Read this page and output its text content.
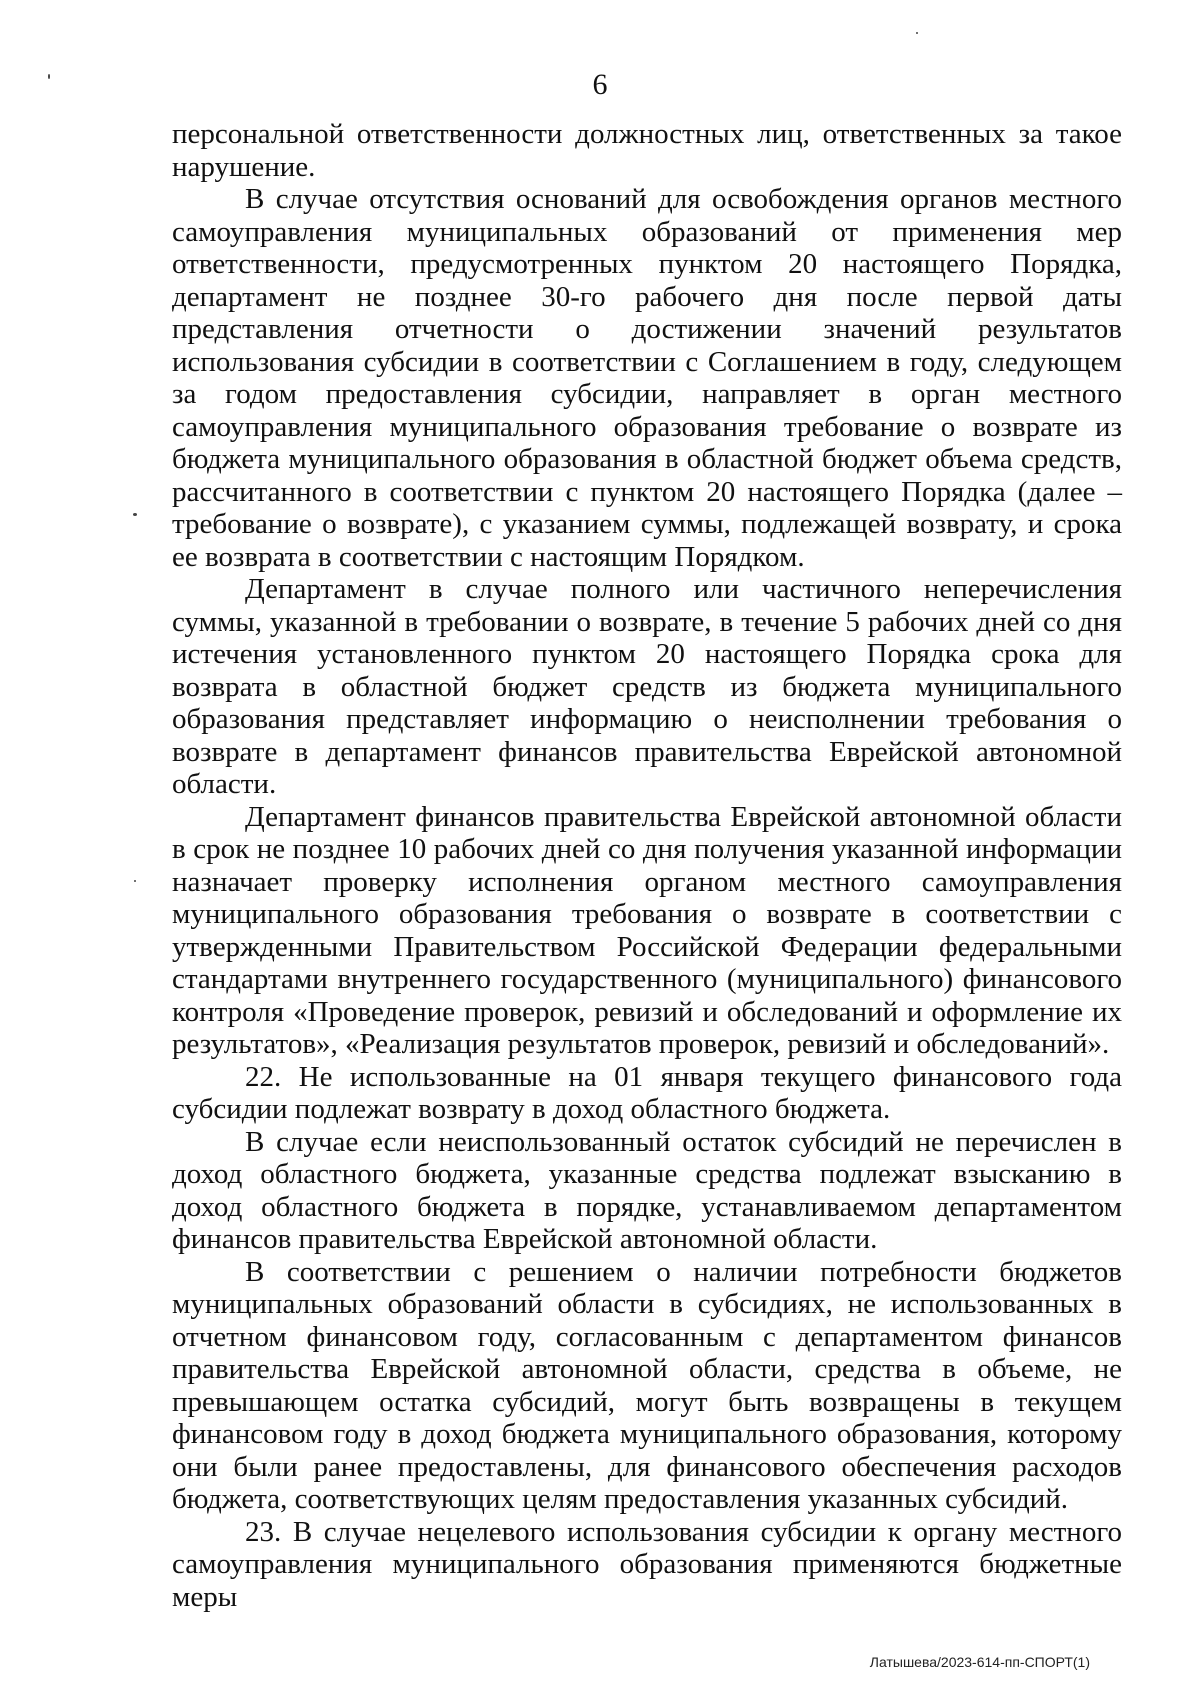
6

персональной ответственности должностных лиц, ответственных за такое нарушение.

В случае отсутствия оснований для освобождения органов местного самоуправления муниципальных образований от применения мер ответственности, предусмотренных пунктом 20 настоящего Порядка, департамент не позднее 30-го рабочего дня после первой даты представления отчетности о достижении значений результатов использования субсидии в соответствии с Соглашением в году, следующем за годом предоставления субсидии, направляет в орган местного самоуправления муниципального образования требование о возврате из бюджета муниципального образования в областной бюджет объема средств, рассчитанного в соответствии с пунктом 20 настоящего Порядка (далее – требование о возврате), с указанием суммы, подлежащей возврату, и срока ее возврата в соответствии с настоящим Порядком.

Департамент в случае полного или частичного неперечисления суммы, указанной в требовании о возврате, в течение 5 рабочих дней со дня истечения установленного пунктом 20 настоящего Порядка срока для возврата в областной бюджет средств из бюджета муниципального образования представляет информацию о неисполнении требования о возврате в департамент финансов правительства Еврейской автономной области.

Департамент финансов правительства Еврейской автономной области в срок не позднее 10 рабочих дней со дня получения указанной информации назначает проверку исполнения органом местного самоуправления муниципального образования требования о возврате в соответствии с утвержденными Правительством Российской Федерации федеральными стандартами внутреннего государственного (муниципального) финансового контроля «Проведение проверок, ревизий и обследований и оформление их результатов», «Реализация результатов проверок, ревизий и обследований».

22. Не использованные на 01 января текущего финансового года субсидии подлежат возврату в доход областного бюджета.

В случае если неиспользованный остаток субсидий не перечислен в доход областного бюджета, указанные средства подлежат взысканию в доход областного бюджета в порядке, устанавливаемом департаментом финансов правительства Еврейской автономной области.

В соответствии с решением о наличии потребности бюджетов муниципальных образований области в субсидиях, не использованных в отчетном финансовом году, согласованным с департаментом финансов правительства Еврейской автономной области, средства в объеме, не превышающем остатка субсидий, могут быть возвращены в текущем финансовом году в доход бюджета муниципального образования, которому они были ранее предоставлены, для финансового обеспечения расходов бюджета, соответствующих целям предоставления указанных субсидий.

23. В случае нецелевого использования субсидии к органу местного самоуправления муниципального образования применяются бюджетные меры

Латышева/2023-614-пп-СПОРТ(1)
